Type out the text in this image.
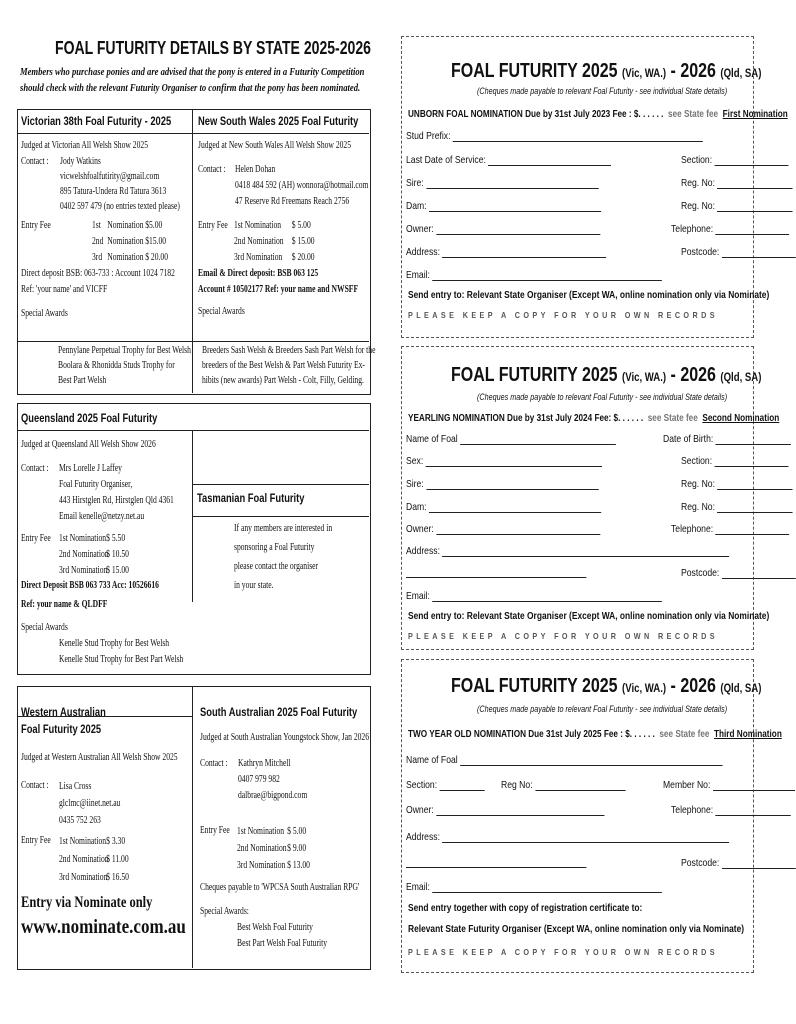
FOAL FUTURITY DETAILS BY STATE 2025-2026
Members who purchase ponies and are advised that the pony is entered in a Futurity Competition should check with the relevant Futurity Organiser to confirm that the pony has been nominated.
Victorian 38th Foal Futurity - 2025 New South Wales 2025 Foal Futurity
Judged at Victorian All Welsh Show 2025
Contact : Jody Watkins
vicwelshfoalfutirity@gmail.com
895 Tatura-Undera Rd Tatura 3613
0402 597 479 (no entries texted please)
Entry Fee	1st Nomination $5.00
2nd Nomination $15.00
3rd Nomination $ 20.00
Direct deposit BSB: 063-733 : Account 1024 7182
Ref: 'your name' and VICFF
Special Awards
Pennylane Perpetual Trophy for Best Welsh
Boolara & Rhonidda Studs Trophy for
Best Part Welsh
Judged at New South Wales All Welsh Show 2025
Contact : Helen Dohan
0418 484 592 (AH) wonnora@hotmail.com
47 Reserve Rd Freemans Reach 2756
Entry Fee 1st Nomination $ 5.00
2nd Nomination $ 15.00
3rd Nomination $ 20.00
Email & Direct deposit: BSB 063 125
Account # 10502177 Ref: your name and NWSFF
Special Awards
Breeders Sash Welsh & Breeders Sash Part Welsh for the
breeders of the Best Welsh & Part Welsh Futurity Ex-
hibits (new awards) Part Welsh - Colt, Filly, Gelding.
Queensland 2025 Foal Futurity
Judged at Queensland All Welsh Show 2026
Contact : Mrs Lorelle J Laffey
Foal Futurity Organiser,
443 Hirstglen Rd, Hirstglen Qld 4361
Email kenelle@netzy.net.au
Entry Fee 1st Nomination$ 5.50
2nd Nomination$ 10.50
3rd Nomination$ 15.00
Direct Deposit BSB 063 733 Acc: 10526616
Ref: your name & QLDFF
Special Awards
Kenelle Stud Trophy for Best Welsh
Kenelle Stud Trophy for Best Part Welsh
Tasmanian Foal Futurity
If any members are interested in
sponsoring a Foal Futurity
please contact the organiser
in your state.
Western Australian
Foal Futurity 2025
Judged at Western Australian All Welsh Show 2025
Contact : Lisa Cross
glclmc@iinet.net.au
0435 752 263
Entry Fee 1st Nomination$ 3.30
2nd Nomination$ 11.00
3rd Nomination$ 16.50
Entry via Nominate only
www.nominate.com.au
South Australian 2025 Foal Futurity
Judged at South Australian Youngstock Show, Jan 2026
Contact : Kathryn Mitchell
0407 979 982
dalbrae@bigpond.com
Entry Fee 1st Nomination $ 5.00
2nd Nomination$ 9.00
3rd Nomination $ 13.00
Cheques payable to 'WPCSA South Australian RPG'
Special Awards:
Best Welsh Foal Futurity
Best Part Welsh Foal Futurity
FOAL FUTURITY 2025 (Vic, WA.) - 2026 (Qld, SA)
(Cheques made payable to relevant Foal Futurity - see individual State details)
UNBORN FOAL NOMINATION Due by 31st July 2023 Fee : $. . . . . . see State fee First Nomination
Stud Prefix:
Last Date of Service:	Section:
Sire:	Reg. No:
Dam:	Reg. No:
Owner:	Telephone:
Address:	Postcode:
Email:
Send entry to: Relevant State Organiser (Except WA, online nomination only via Nominate)
PLEASE KEEP A COPY FOR YOUR OWN RECORDS
FOAL FUTURITY 2025 (Vic, WA.) - 2026 (Qld, SA)
(Cheques made payable to relevant Foal Futurity - see individual State details)
YEARLING NOMINATION Due by 31st July 2024 Fee: $. . . . . . see State fee Second Nomination
Name of Foal	Date of Birth:
Sex:	Section:
Sire:	Reg. No:
Dam:	Reg. No:
Owner:	Telephone:
Address:
Postcode:
Email:
Send entry to: Relevant State Organiser (Except WA, online nomination only via Nominate)
PLEASE KEEP A COPY FOR YOUR OWN RECORDS
FOAL FUTURITY 2025 (Vic, WA.) - 2026 (Qld, SA)
(Cheques made payable to relevant Foal Futurity - see individual State details)
TWO YEAR OLD NOMINATION Due 31st July 2025 Fee : $. . . . . . see State fee Third Nomination
Name of Foal
Section:	Reg No:	Member No:
Owner:	Telephone:
Address:
Postcode:
Email:
Send entry together with copy of registration certificate to:
Relevant State Futurity Organiser (Except WA, online nomination only via Nominate)
PLEASE KEEP A COPY FOR YOUR OWN RECORDS
